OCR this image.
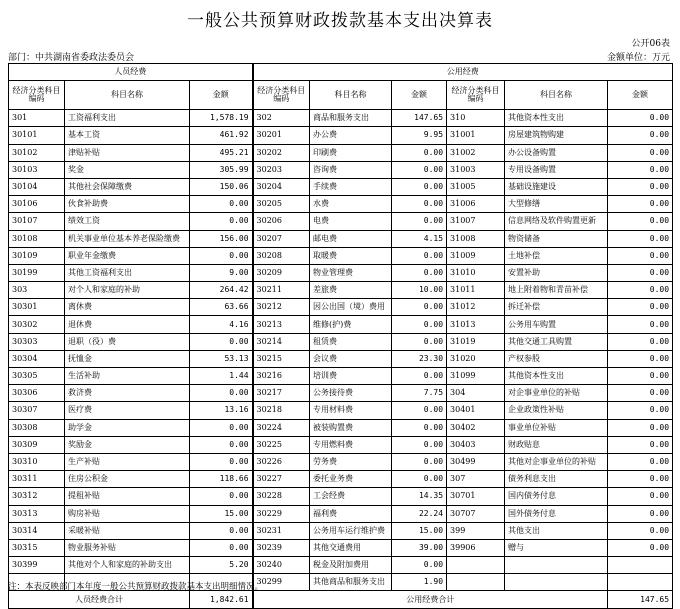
一般公共预算财政拨款基本支出决算表
公开06表
部门：中共湖南省委政法委员会	金额单位：万元
人员经费			公用经费					
经济分类科目编码	科目名称	金额	经济分类科目编码	科目名称	金额	经济分类科目编码	科目名称	金额
301	工资福利支出	1,578.19	302	商品和服务支出	147.65	310	其他资本性支出	0.00
30101	基本工资	461.92	30201	办公费	9.95	31001	房屋建筑物购建	0.00
30102	津贴补贴	495.21	30202	印刷费	0.00	31002	办公设备购置	0.00
30103	奖金	305.99	30203	咨询费	0.00	31003	专用设备购置	0.00
30104	其他社会保障缴费	150.06	30204	手续费	0.00	31005	基础设施建设	0.00
30106	伙食补助费	0.00	30205	水费	0.00	31006	大型修缮	0.00
30107	绩效工资	0.00	30206	电费	0.00	31007	信息网络及软件购置更新	0.00
30108	机关事业单位基本养老保险缴费	156.00	30207	邮电费	4.15	31008	物资储备	0.00
30109	职业年金缴费	0.00	30208	取暖费	0.00	31009	土地补偿	0.00
30199	其他工资福利支出	9.00	30209	物业管理费	0.00	31010	安置补助	0.00
303	对个人和家庭的补助	264.42	30211	差旅费	10.00	31011	地上附着物和青苗补偿	0.00
30301	离休费	63.66	30212	因公出国（境）费用	0.00	31012	拆迁补偿	0.00
30302	退休费	4.16	30213	维修(护)费	0.00	31013	公务用车购置	0.00
30303	退职（役）费	0.00	30214	租赁费	0.00	31019	其他交通工具购置	0.00
30304	抚恤金	53.13	30215	会议费	23.30	31020	产权参股	0.00
30305	生活补助	1.44	30216	培训费	0.00	31099	其他资本性支出	0.00
30306	救济费	0.00	30217	公务接待费	7.75	304	对企事业单位的补贴	0.00
30307	医疗费	13.16	30218	专用材料费	0.00	30401	企业政策性补贴	0.00
30308	助学金	0.00	30224	被装购置费	0.00	30402	事业单位补贴	0.00
30309	奖励金	0.00	30225	专用燃料费	0.00	30403	财政贴息	0.00
30310	生产补贴	0.00	30226	劳务费	0.00	30499	其他对企事业单位的补贴	0.00
30311	住房公积金	118.66	30227	委托业务费	0.00	307	债务利息支出	0.00
30312	提租补贴	0.00	30228	工会经费	14.35	30701	国内债务付息	0.00
30313	购房补贴	15.00	30229	福利费	22.24	30707	国外债务付息	0.00
30314	采暖补贴	0.00	30231	公务用车运行维护费	15.00	399	其他支出	0.00
30315	物业服务补贴	0.00	30239	其他交通费用	39.00	39906	赠与	0.00
30399	其他对个人和家庭的补助支出	5.20	30240	税金及附加费用	0.00			
			30299	其他商品和服务支出	1.90			
人员经费合计		1,842.61	公用经费合计					147.65
注：本表反映部门本年度一般公共预算财政拨款基本支出明细情况。
